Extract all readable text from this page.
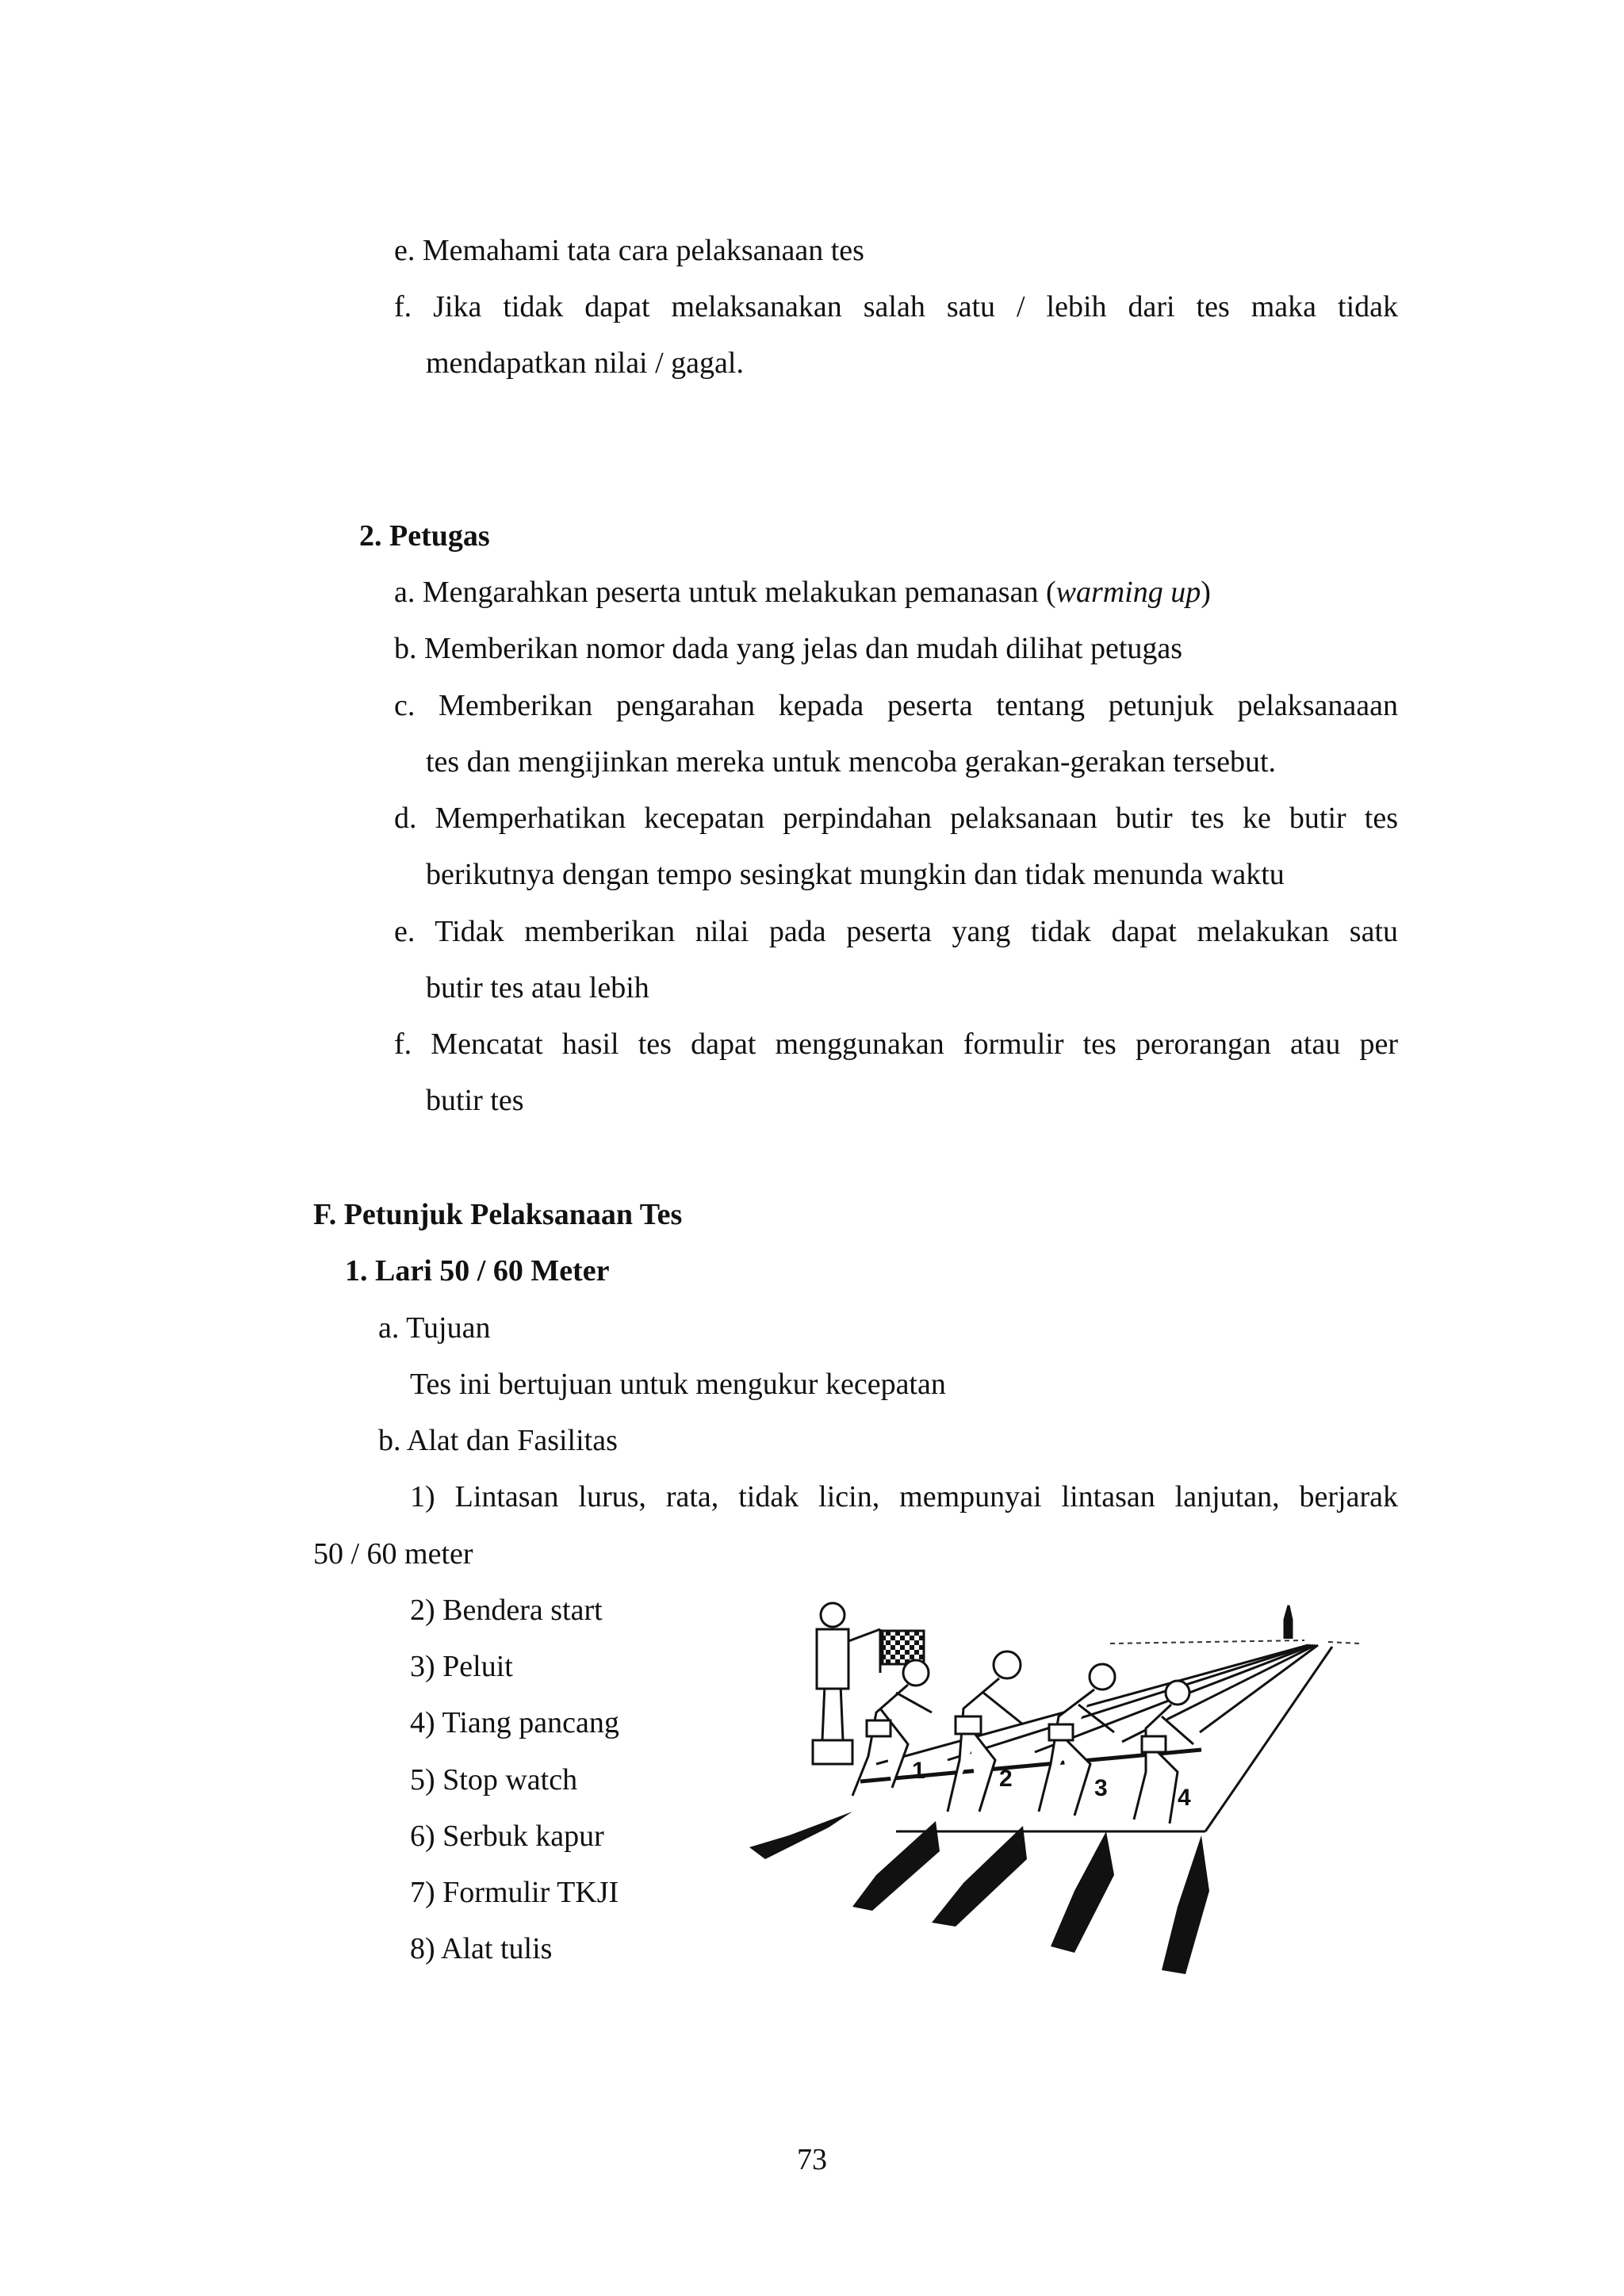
e. Memahami tata cara pelaksanaan tes
f. Jika tidak dapat melaksanakan salah satu / lebih dari tes maka tidak
mendapatkan nilai / gagal.
2. Petugas
a. Mengarahkan peserta untuk melakukan pemanasan (warming up)
b. Memberikan nomor dada yang jelas dan mudah dilihat petugas
c. Memberikan pengarahan kepada peserta tentang petunjuk pelaksanaaan
tes dan mengijinkan mereka untuk mencoba gerakan-gerakan tersebut.
d. Memperhatikan kecepatan perpindahan pelaksanaan butir tes ke butir tes
berikutnya dengan tempo sesingkat mungkin dan tidak menunda waktu
e. Tidak memberikan nilai pada peserta yang tidak dapat melakukan satu
butir tes atau lebih
f. Mencatat hasil tes dapat menggunakan formulir tes perorangan atau per
butir tes
F. Petunjuk Pelaksanaan Tes
1. Lari 50 / 60 Meter
a. Tujuan
Tes ini bertujuan untuk mengukur kecepatan
b. Alat dan Fasilitas
1) Lintasan lurus, rata, tidak licin, mempunyai lintasan lanjutan, berjarak
50 / 60 meter
2) Bendera start
3) Peluit
4) Tiang pancang
5) Stop watch
6) Serbuk kapur
7) Formulir TKJI
8) Alat tulis
1	2	3	4
73
